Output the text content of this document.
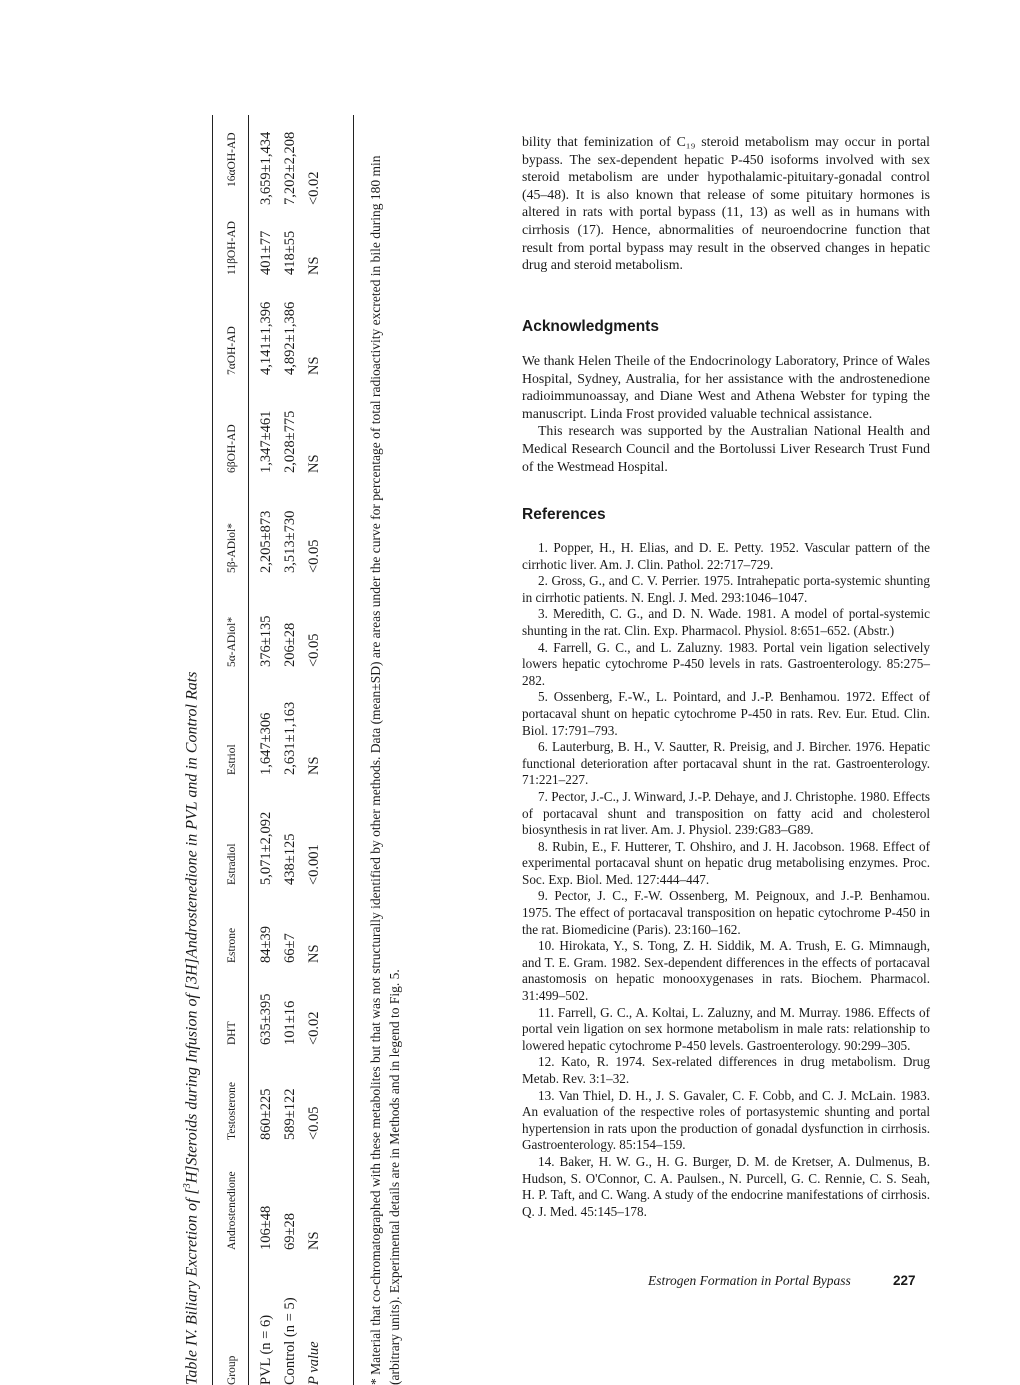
Table IV. Biliary Excretion of [$^3$H]Steroids during Infusion of [3H]Androstenedione in PVL and in Control Rats
Group
Androstenedione
Testosterone
DHT
Estrone
Estradiol
Estriol
5α-ADiol*
5β-ADiol*
6βOH-AD
7αOH-AD
11βOH-AD
16αOH-AD
PVL (n = 6)
106±48
860±225
635±395
84±39
5,071±2,092
1,647±306
376±135
2,205±873
1,347±461
4,141±1,396
401±77
3,659±1,434
Control (n = 5)
69±28
589±122
101±16
66±7
438±125
2,631±1,163
206±28
3,513±730
2,028±775
4,892±1,386
418±55
7,202±2,208
P value
NS
<0.05
<0.02
NS
<0.001
NS
<0.05
<0.05
NS
NS
NS
<0.02	* Material that co-chromatographed with these metabolites but that was not structurally identified by other methods. Data (mean±SD) are areas under the curve for percentage of total radioactivity excreted in bile during 180 min (arbitrary units). Experimental details are in Methods and in legend to Fig. 5.

bility that feminization of C₁₉ steroid metabolism may occur in portal bypass. The sex-dependent hepatic P-450 isoforms involved with sex steroid metabolism are under hypothalamic-pituitary-gonadal control (45–48). It is also known that release of some pituitary hormones is altered in rats with portal bypass (11, 13) as well as in humans with cirrhosis (17). Hence, abnormalities of neuroendocrine function that result from portal bypass may result in the observed changes in hepatic drug and steroid metabolism.

Acknowledgments

We thank Helen Theile of the Endocrinology Laboratory, Prince of Wales Hospital, Sydney, Australia, for her assistance with the androstenedione radioimmunoassay, and Diane West and Athena Webster for typing the manuscript. Linda Frost provided valuable technical assistance.

This research was supported by the Australian National Health and Medical Research Council and the Bortolussi Liver Research Trust Fund of the Westmead Hospital.

References

1. Popper, H., H. Elias, and D. E. Petty. 1952. Vascular pattern of the cirrhotic liver. Am. J. Clin. Pathol. 22:717–729.

2. Gross, G., and C. V. Perrier. 1975. Intrahepatic porta-systemic shunting in cirrhotic patients. N. Engl. J. Med. 293:1046–1047.

3. Meredith, C. G., and D. N. Wade. 1981. A model of portal-systemic shunting in the rat. Clin. Exp. Pharmacol. Physiol. 8:651–652. (Abstr.)

4. Farrell, G. C., and L. Zaluzny. 1983. Portal vein ligation selectively lowers hepatic cytochrome P-450 levels in rats. Gastroenterology. 85:275–282.

5. Ossenberg, F.-W., L. Pointard, and J.-P. Benhamou. 1972. Effect of portacaval shunt on hepatic cytochrome P-450 in rats. Rev. Eur. Etud. Clin. Biol. 17:791–793.

6. Lauterburg, B. H., V. Sautter, R. Preisig, and J. Bircher. 1976. Hepatic functional deterioration after portacaval shunt in the rat. Gastroenterology. 71:221–227.

7. Pector, J.-C., J. Winward, J.-P. Dehaye, and J. Christophe. 1980. Effects of portacaval shunt and transposition on fatty acid and cholesterol biosynthesis in rat liver. Am. J. Physiol. 239:G83–G89.

8. Rubin, E., F. Hutterer, T. Ohshiro, and J. H. Jacobson. 1968. Effect of experimental portacaval shunt on hepatic drug metabolising enzymes. Proc. Soc. Exp. Biol. Med. 127:444–447.

9. Pector, J. C., F.-W. Ossenberg, M. Peignoux, and J.-P. Benhamou. 1975. The effect of portacaval transposition on hepatic cytochrome P-450 in the rat. Biomedicine (Paris). 23:160–162.

10. Hirokata, Y., S. Tong, Z. H. Siddik, M. A. Trush, E. G. Mimnaugh, and T. E. Gram. 1982. Sex-dependent differences in the effects of portacaval anastomosis on hepatic monooxygenases in rats. Biochem. Pharmacol. 31:499–502.

11. Farrell, G. C., A. Koltai, L. Zaluzny, and M. Murray. 1986. Effects of portal vein ligation on sex hormone metabolism in male rats: relationship to lowered hepatic cytochrome P-450 levels. Gastroenterology. 90:299–305.

12. Kato, R. 1974. Sex-related differences in drug metabolism. Drug Metab. Rev. 3:1–32.

13. Van Thiel, D. H., J. S. Gavaler, C. F. Cobb, and C. J. McLain. 1983. An evaluation of the respective roles of portasystemic shunting and portal hypertension in rats upon the production of gonadal dysfunction in cirrhosis. Gastroenterology. 85:154–159.

14. Baker, H. W. G., H. G. Burger, D. M. de Kretser, A. Dulmenus, B. Hudson, S. O'Connor, C. A. Paulsen., N. Purcell, G. C. Rennie, C. S. Seah, H. P. Taft, and C. Wang. A study of the endocrine manifestations of cirrhosis. Q. J. Med. 45:145–178.

Estrogen Formation in Portal Bypass	227
